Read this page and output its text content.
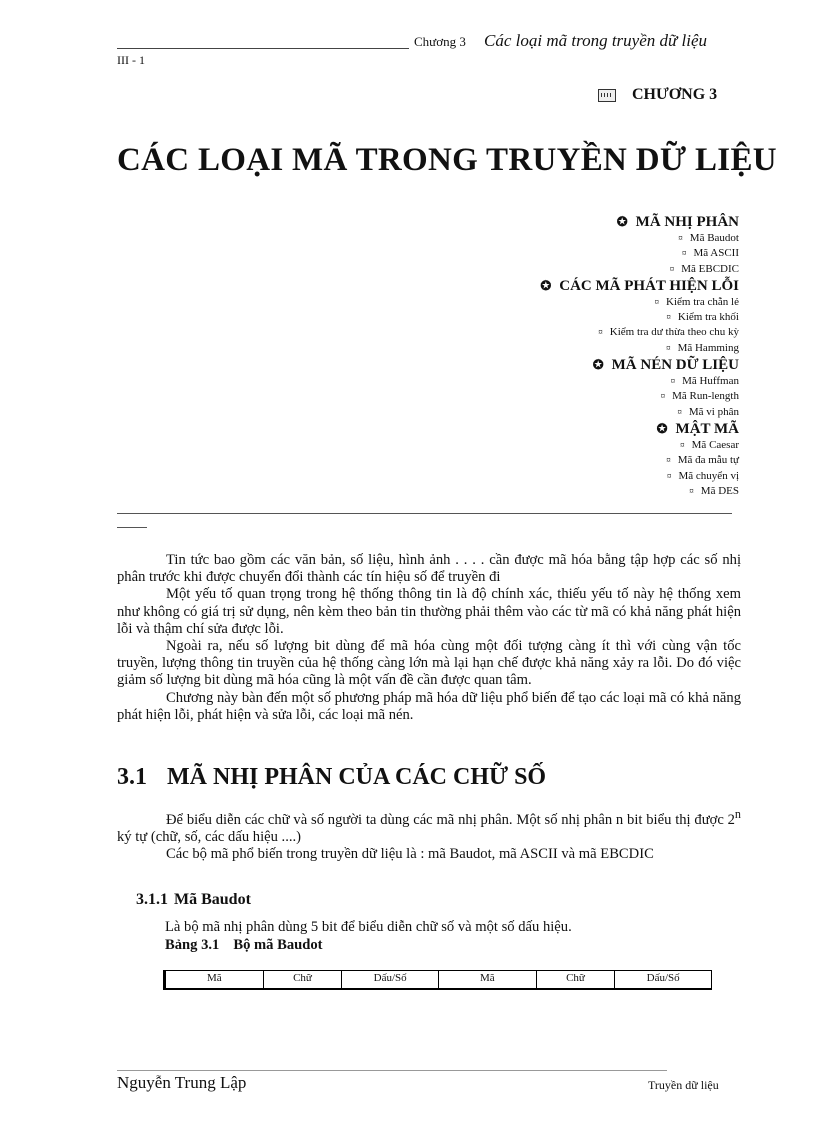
Chương 3 Các loại mã trong truyền dữ liệu
III - 1
CHƯƠNG 3
CÁC LOẠI MÃ TRONG TRUYỀN DỮ LIỆU
✪ MÃ NHỊ PHÂN
¤ Mã Baudot
¤ Mã ASCII
¤ Mã EBCDIC
✪ CÁC MÃ PHÁT HIỆN LỖI
¤ Kiểm tra chẵn lẻ
¤ Kiểm tra khối
¤ Kiểm tra dư thừa theo chu kỳ
¤ Mã Hamming
✪ MÃ NÉN DỮ LIỆU
¤ Mã Huffman
¤ Mã Run-length
¤ Mã vi phân
✪ MẬT MÃ
¤ Mã Caesar
¤ Mã đa mẫu tự
¤ Mã chuyển vị
¤ Mã DES

Tin tức bao gồm các văn bản, số liệu, hình ảnh . . . . cần được mã hóa bằng tập hợp các số nhị phân trước khi được chuyển đổi thành các tín hiệu số để truyền đi

Một yếu tố quan trọng trong hệ thống thông tin là độ chính xác, thiếu yếu tố này hệ thống xem như không có giá trị sử dụng, nên kèm theo bản tin thường phải thêm vào các từ mã có khả năng phát hiện lỗi và thậm chí sửa được lỗi.

Ngoài ra, nếu số lượng bit dùng để mã hóa cùng một đối tượng càng ít thì với cùng vận tốc truyền, lượng thông tin truyền của hệ thống càng lớn mà lại hạn chế được khả năng xảy ra lỗi. Do đó việc giảm số lượng bit dùng mã hóa cũng là một vấn đề cần được quan tâm.

Chương này bàn đến một số phương pháp mã hóa dữ liệu phổ biến để tạo các loại mã có khả năng phát hiện lỗi, phát hiện và sửa lỗi, các loại mã nén.

3.1 MÃ NHỊ PHÂN CỦA CÁC CHỮ SỐ

Để biểu diễn các chữ và số người ta dùng các mã nhị phân. Một số nhị phân n bit biểu thị được 2$^n$ ký tự (chữ, số, các dấu hiệu ....)

Các bộ mã phổ biến trong truyền dữ liệu là : mã Baudot, mã ASCII và mã EBCDIC

3.1.1 Mã Baudot
Là bộ mã nhị phân dùng 5 bit để biểu diễn chữ số và một số dấu hiệu.
Bảng 3.1 Bộ mã Baudot
Mã	Chữ	Dấu/Số	Mã	Chữ	Dấu/Số
Nguyễn Trung Lập	Truyền dữ liệu
